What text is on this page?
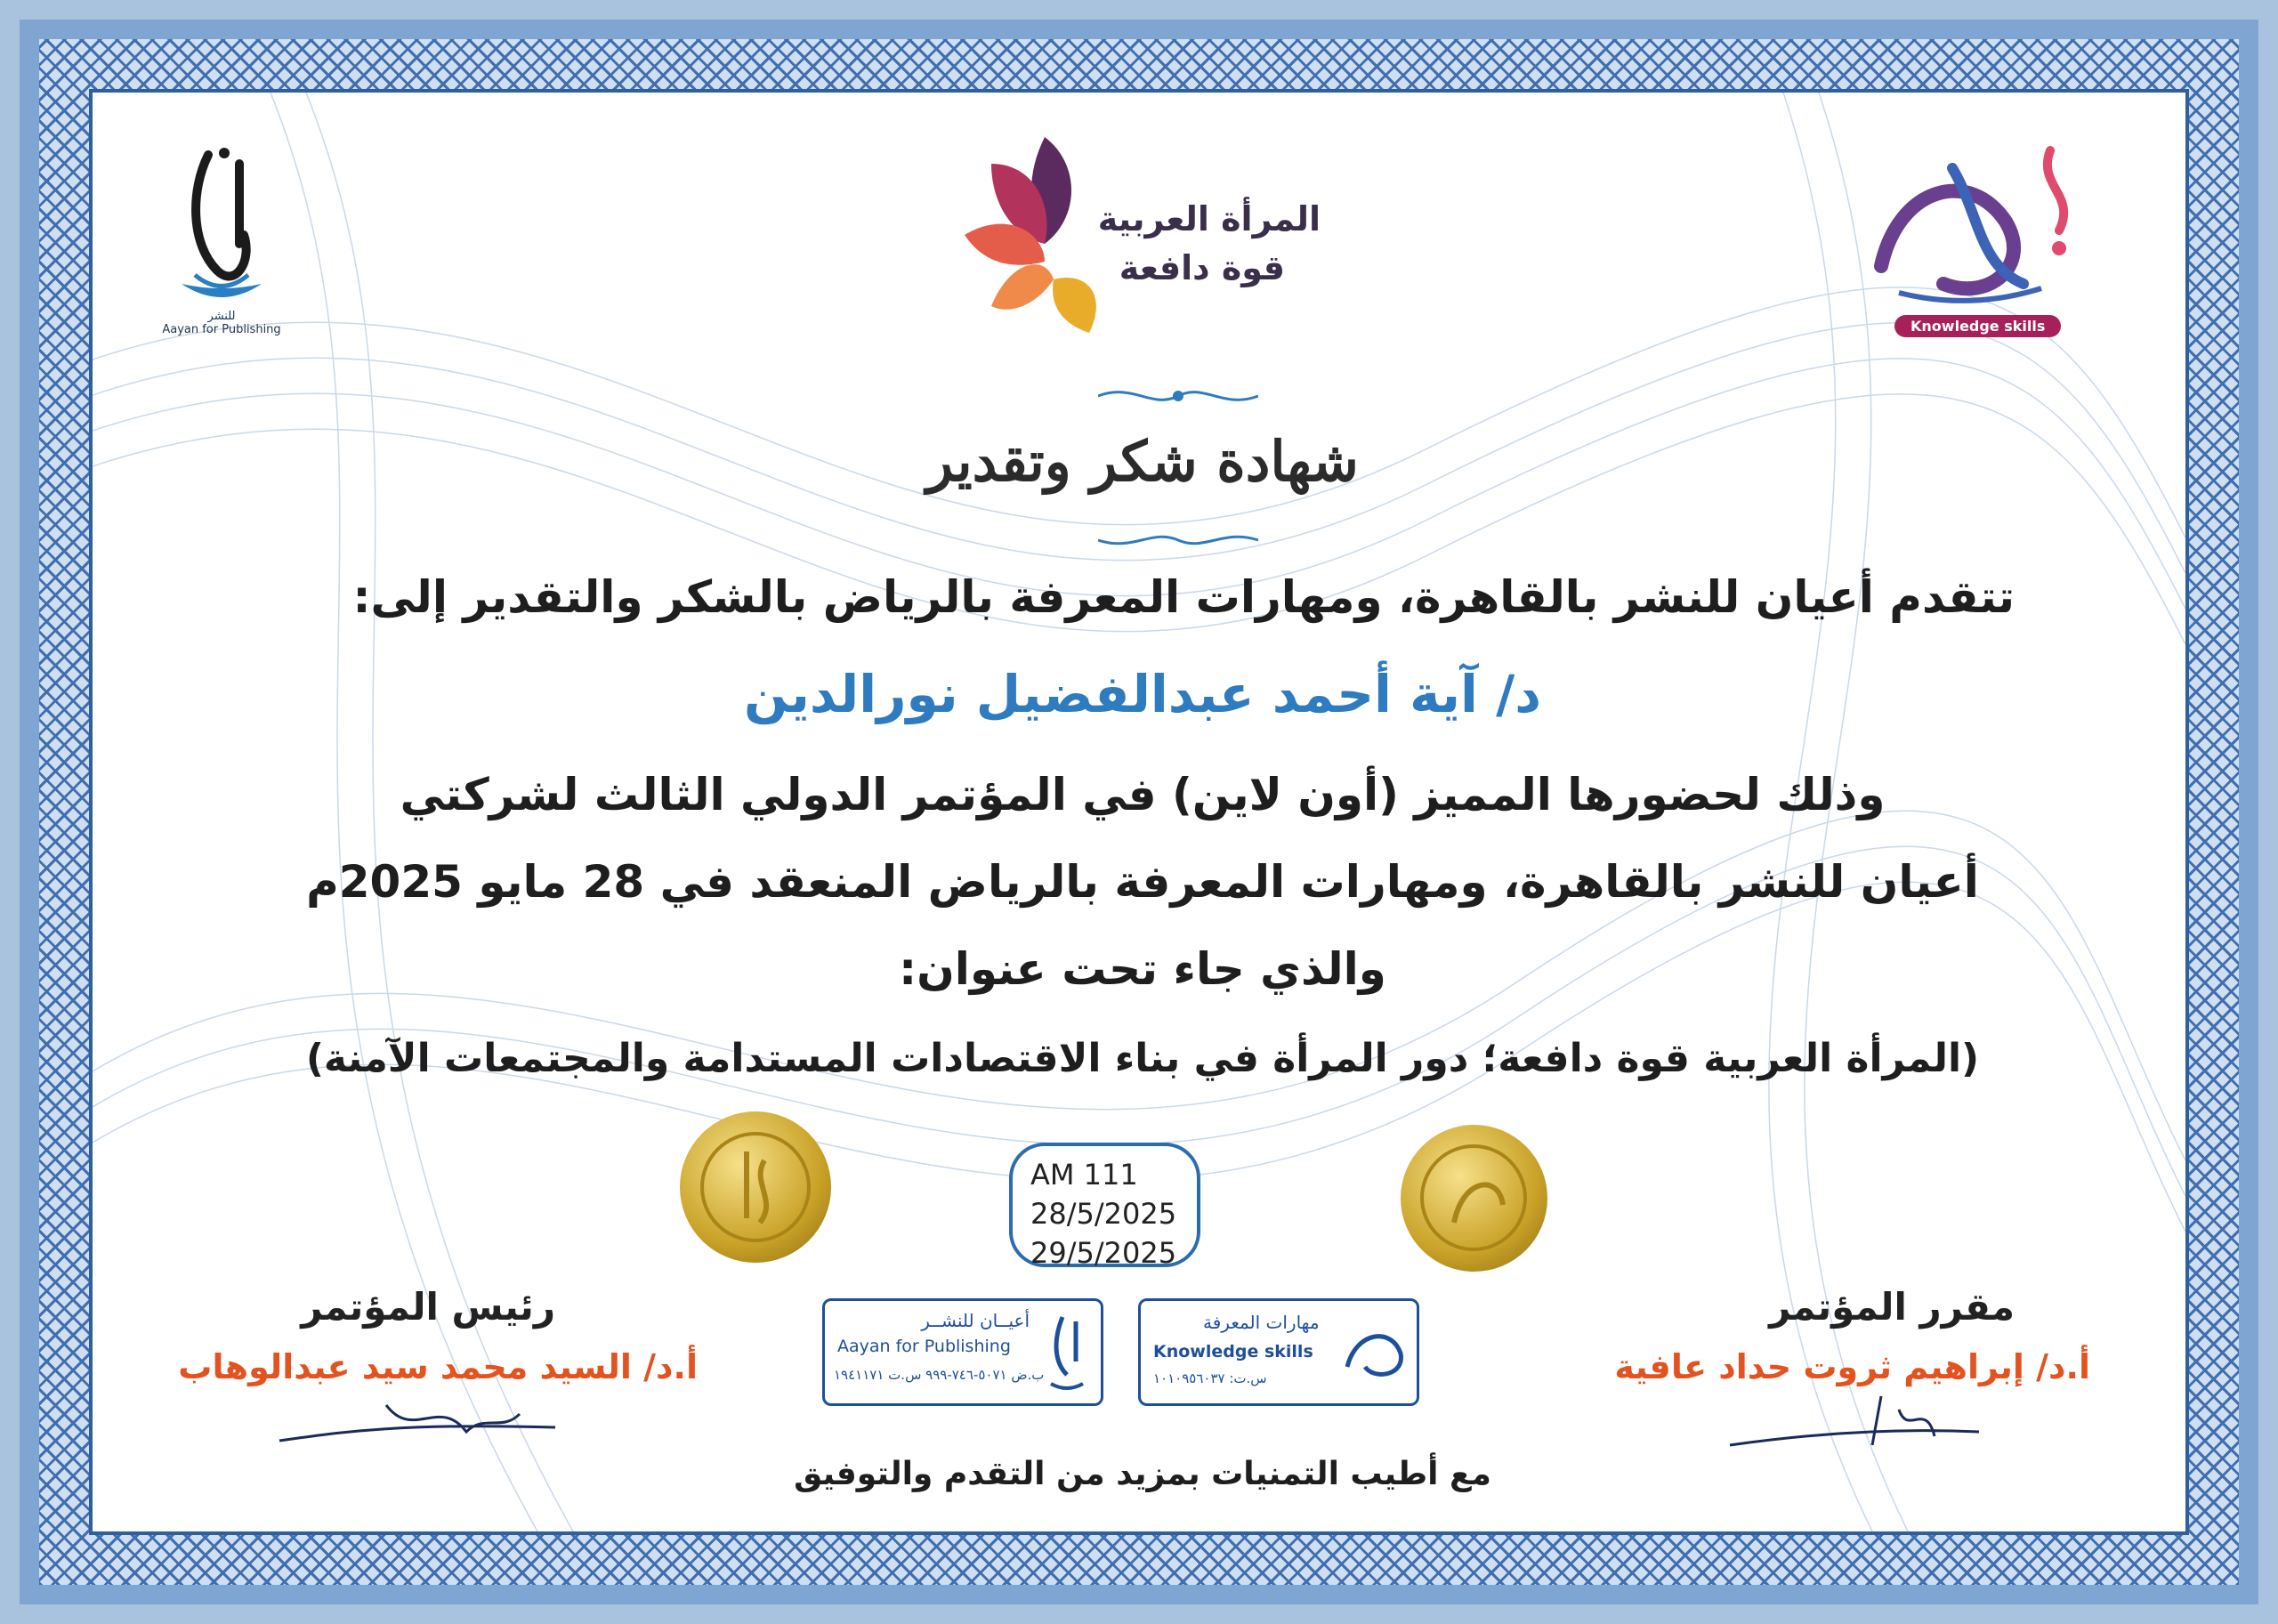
للنشر
Aayan for Publishing
المرأة العربية
قوة دافعة
Knowledge skills
شهادة شكر وتقدير
تتقدم أعيان للنشر بالقاهرة، ومهارات المعرفة بالرياض بالشكر والتقدير إلى:
د/ آية أحمد عبدالفضيل نورالدين
وذلك لحضورها المميز (أون لاين) في المؤتمر الدولي الثالث لشركتي
أعيان للنشر بالقاهرة، ومهارات المعرفة بالرياض المنعقد في 28 مايو 2025م
والذي جاء تحت عنوان:
(المرأة العربية قوة دافعة؛ دور المرأة في بناء الاقتصادات المستدامة والمجتمعات الآمنة)
AM 111
28/5/2025
29/5/2025
رئيس المؤتمر
أ.د/ السيد محمد سيد عبدالوهاب
مقرر المؤتمر
أ.د/ إبراهيم ثروت حداد عافية
أعيــان للنشــر
Aayan for Publishing
ب.ض ٥٠٧١-٧٤٦-٩٩٩ س.ت ١٩٤١١٧١
مهارات المعرفة
Knowledge skills
س.ت: ١٠١٠٩٥٦٠٣٧
مع أطيب التمنيات بمزيد من التقدم والتوفيق
